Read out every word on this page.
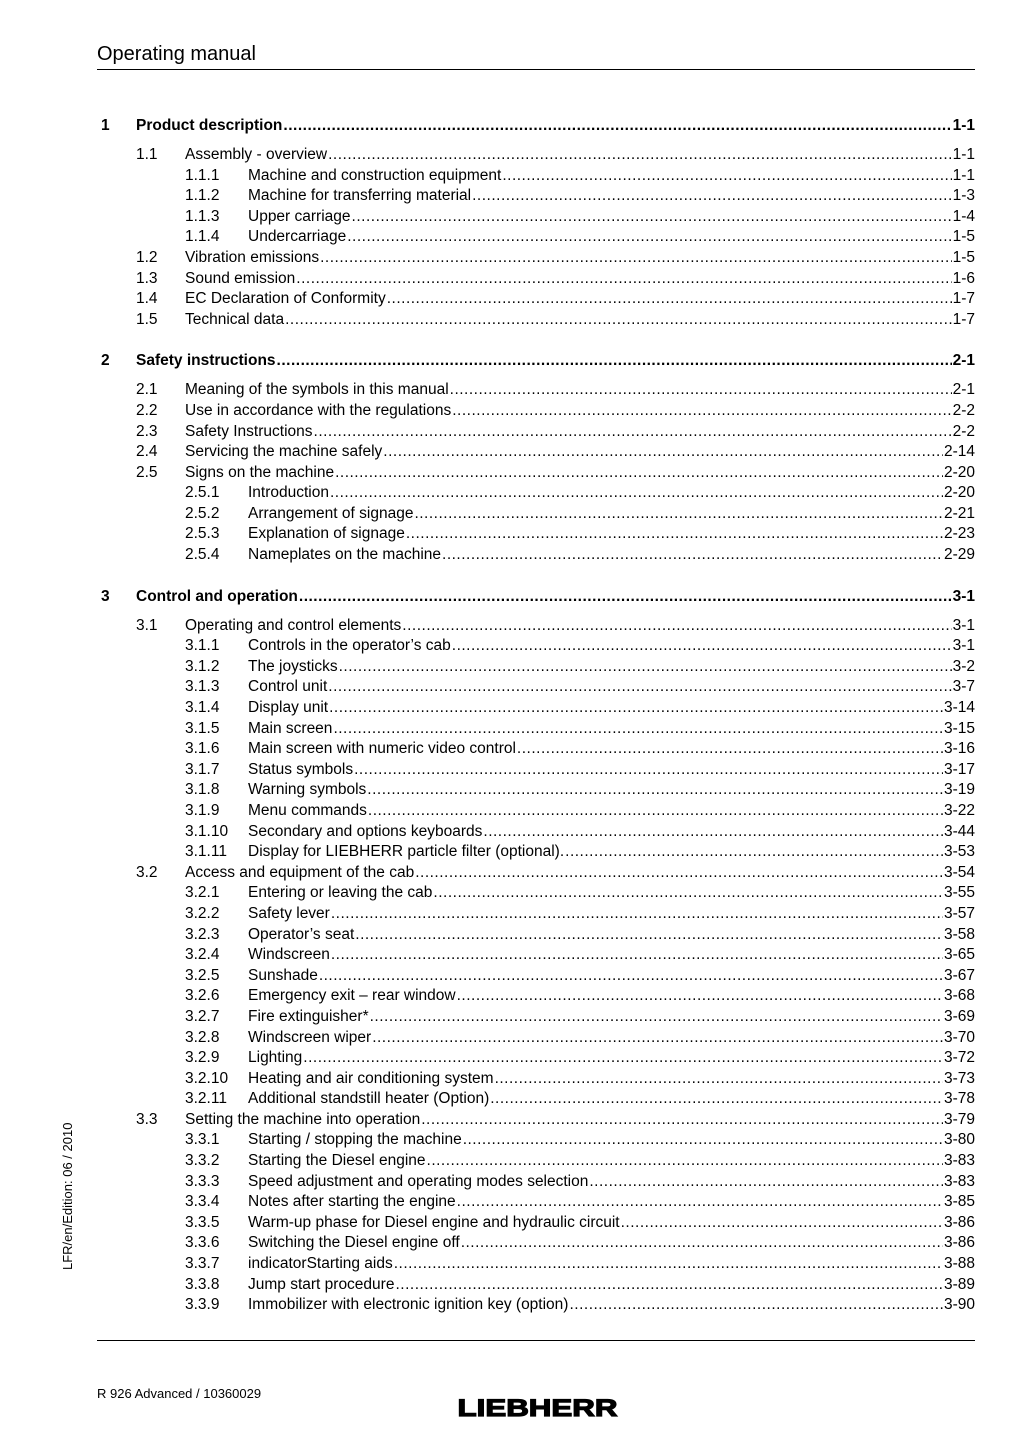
Operating manual
1	Product description .....	1-1
1.1	Assembly - overview .....	1-1
1.1.1	Machine and construction equipment .....	1-1
1.1.2	Machine for transferring material .....	1-3
1.1.3	Upper carriage .....	1-4
1.1.4	Undercarriage .....	1-5
1.2	Vibration emissions .....	1-5
1.3	Sound emission .....	1-6
1.4	EC Declaration of Conformity .....	1-7
1.5	Technical data .....	1-7
2	Safety instructions .....	2-1
2.1	Meaning of the symbols in this manual .....	2-1
2.2	Use in accordance with the regulations .....	2-2
2.3	Safety Instructions .....	2-2
2.4	Servicing the machine safely .....	2-14
2.5	Signs on the machine .....	2-20
2.5.1	Introduction .....	2-20
2.5.2	Arrangement of signage .....	2-21
2.5.3	Explanation of signage .....	2-23
2.5.4	Nameplates on the machine .....	2-29
3	Control and operation .....	3-1
3.1	Operating and control elements .....	3-1
3.1.1	Controls in the operator’s cab .....	3-1
3.1.2	The joysticks .....	3-2
3.1.3	Control unit .....	3-7
3.1.4	Display unit .....	3-14
3.1.5	Main screen .....	3-15
3.1.6	Main screen with numeric video control .....	3-16
3.1.7	Status symbols .....	3-17
3.1.8	Warning symbols .....	3-19
3.1.9	Menu commands .....	3-22
3.1.10	Secondary and options keyboards .....	3-44
3.1.11	Display for LIEBHERR particle filter (optional). .....	3-53
3.2	Access and equipment of the cab .....	3-54
3.2.1	Entering or leaving the cab .....	3-55
3.2.2	Safety lever .....	3-57
3.2.3	Operator’s seat .....	3-58
3.2.4	Windscreen .....	3-65
3.2.5	Sunshade .....	3-67
3.2.6	Emergency exit – rear window .....	3-68
3.2.7	Fire extinguisher* .....	3-69
3.2.8	Windscreen wiper .....	3-70
3.2.9	Lighting .....	3-72
3.2.10	Heating and air conditioning system .....	3-73
3.2.11	Additional standstill heater (Option) .....	3-78
3.3	Setting the machine into operation .....	3-79
3.3.1	Starting / stopping the machine .....	3-80
3.3.2	Starting the Diesel engine .....	3-83
3.3.3	Speed adjustment and operating modes selection .....	3-83
3.3.4	Notes after starting the engine .....	3-85
3.3.5	Warm-up phase for Diesel engine and hydraulic circuit .....	3-86
3.3.6	Switching the Diesel engine off .....	3-86
3.3.7	indicatorStarting aids .....	3-88
3.3.8	Jump start procedure .....	3-89
3.3.9	Immobilizer with electronic ignition key (option) .....	3-90
LFR/en/Edition: 06 / 2010
R 926 Advanced / 10360029
LIEBHERR
